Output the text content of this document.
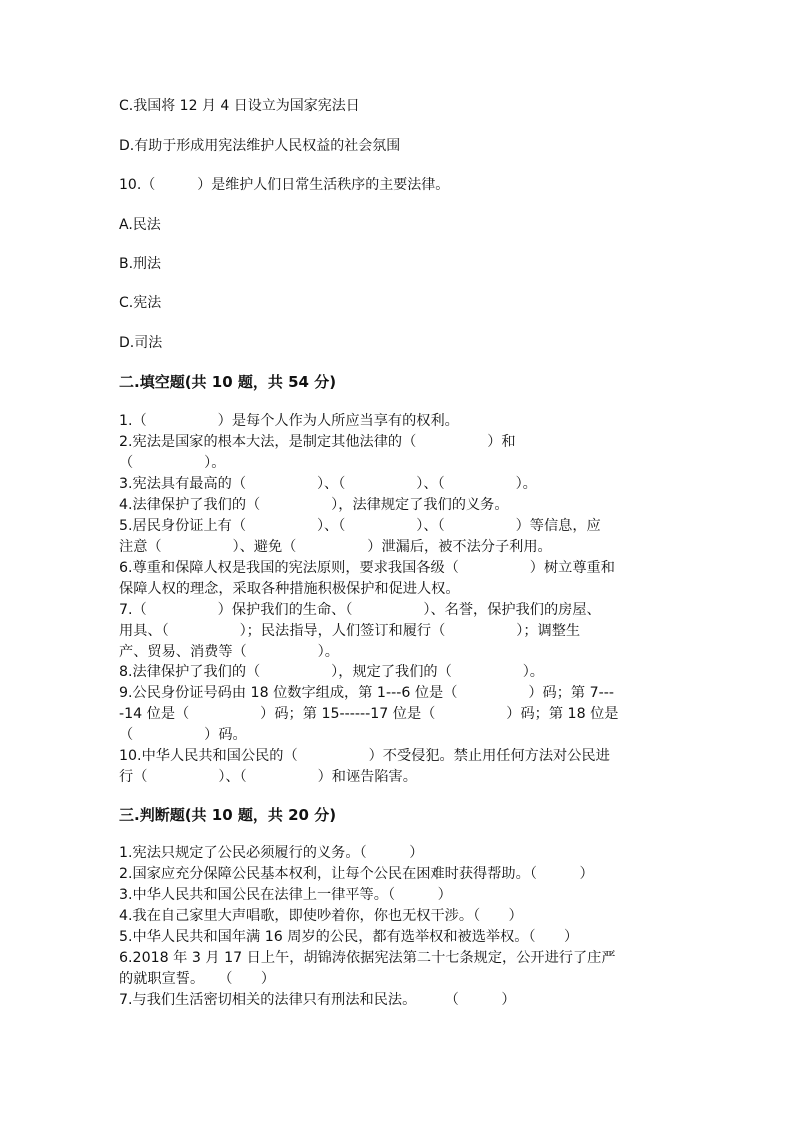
C.我国将 12 月 4 日设立为国家宪法日
D.有助于形成用宪法维护人民权益的社会氛围
10.（　　　）是维护人们日常生活秩序的主要法律。
A.民法
B.刑法
C.宪法
D.司法
二.填空题(共 10 题，共 54 分)
1.（　　　　　）是每个人作为人所应当享有的权利。
2.宪法是国家的根本大法，是制定其他法律的（　　　　　）和
（　　　　　）。
3.宪法具有最高的（　　　　　）、（　　　　　）、（　　　　　）。
4.法律保护了我们的（　　　　　），法律规定了我们的义务。
5.居民身份证上有（　　　　　）、（　　　　　）、（　　　　　）等信息，应
注意（　　　　　）、避免（　　　　　）泄漏后，被不法分子利用。
6.尊重和保障人权是我国的宪法原则，要求我国各级（　　　　　）树立尊重和
保障人权的理念，采取各种措施积极保护和促进人权。
7.（　　　　　）保护我们的生命、（　　　　　）、名誉，保护我们的房屋、
用具、（　　　　　）；民法指导，人们签订和履行（　　　　　）；调整生
产、贸易、消费等（　　　　　）。
8.法律保护了我们的（　　　　　），规定了我们的（　　　　　）。
9.公民身份证号码由 18 位数字组成，第 1---6 位是（　　　　　）码；第 7---
-14 位是（　　　　　）码；第 15------17 位是（　　　　　）码；第 18 位是
（　　　　　）码。
10.中华人民共和国公民的（　　　　　）不受侵犯。禁止用任何方法对公民进
行（　　　　　）、（　　　　　）和诬告陷害。
三.判断题(共 10 题，共 20 分)
1.宪法只规定了公民必须履行的义务。（　　　）
2.国家应充分保障公民基本权利，让每个公民在困难时获得帮助。（　　　）
3.中华人民共和国公民在法律上一律平等。（　　　）
4.我在自己家里大声唱歌，即使吵着你，你也无权干涉。（　　）
5.中华人民共和国年满 16 周岁的公民，都有选举权和被选举权。（　　）
6.2018 年 3 月 17 日上午，胡锦涛依据宪法第二十七条规定，公开进行了庄严
的就职宣誓。　　（　　）
7.与我们生活密切相关的法律只有刑法和民法。　　　（　　　）
